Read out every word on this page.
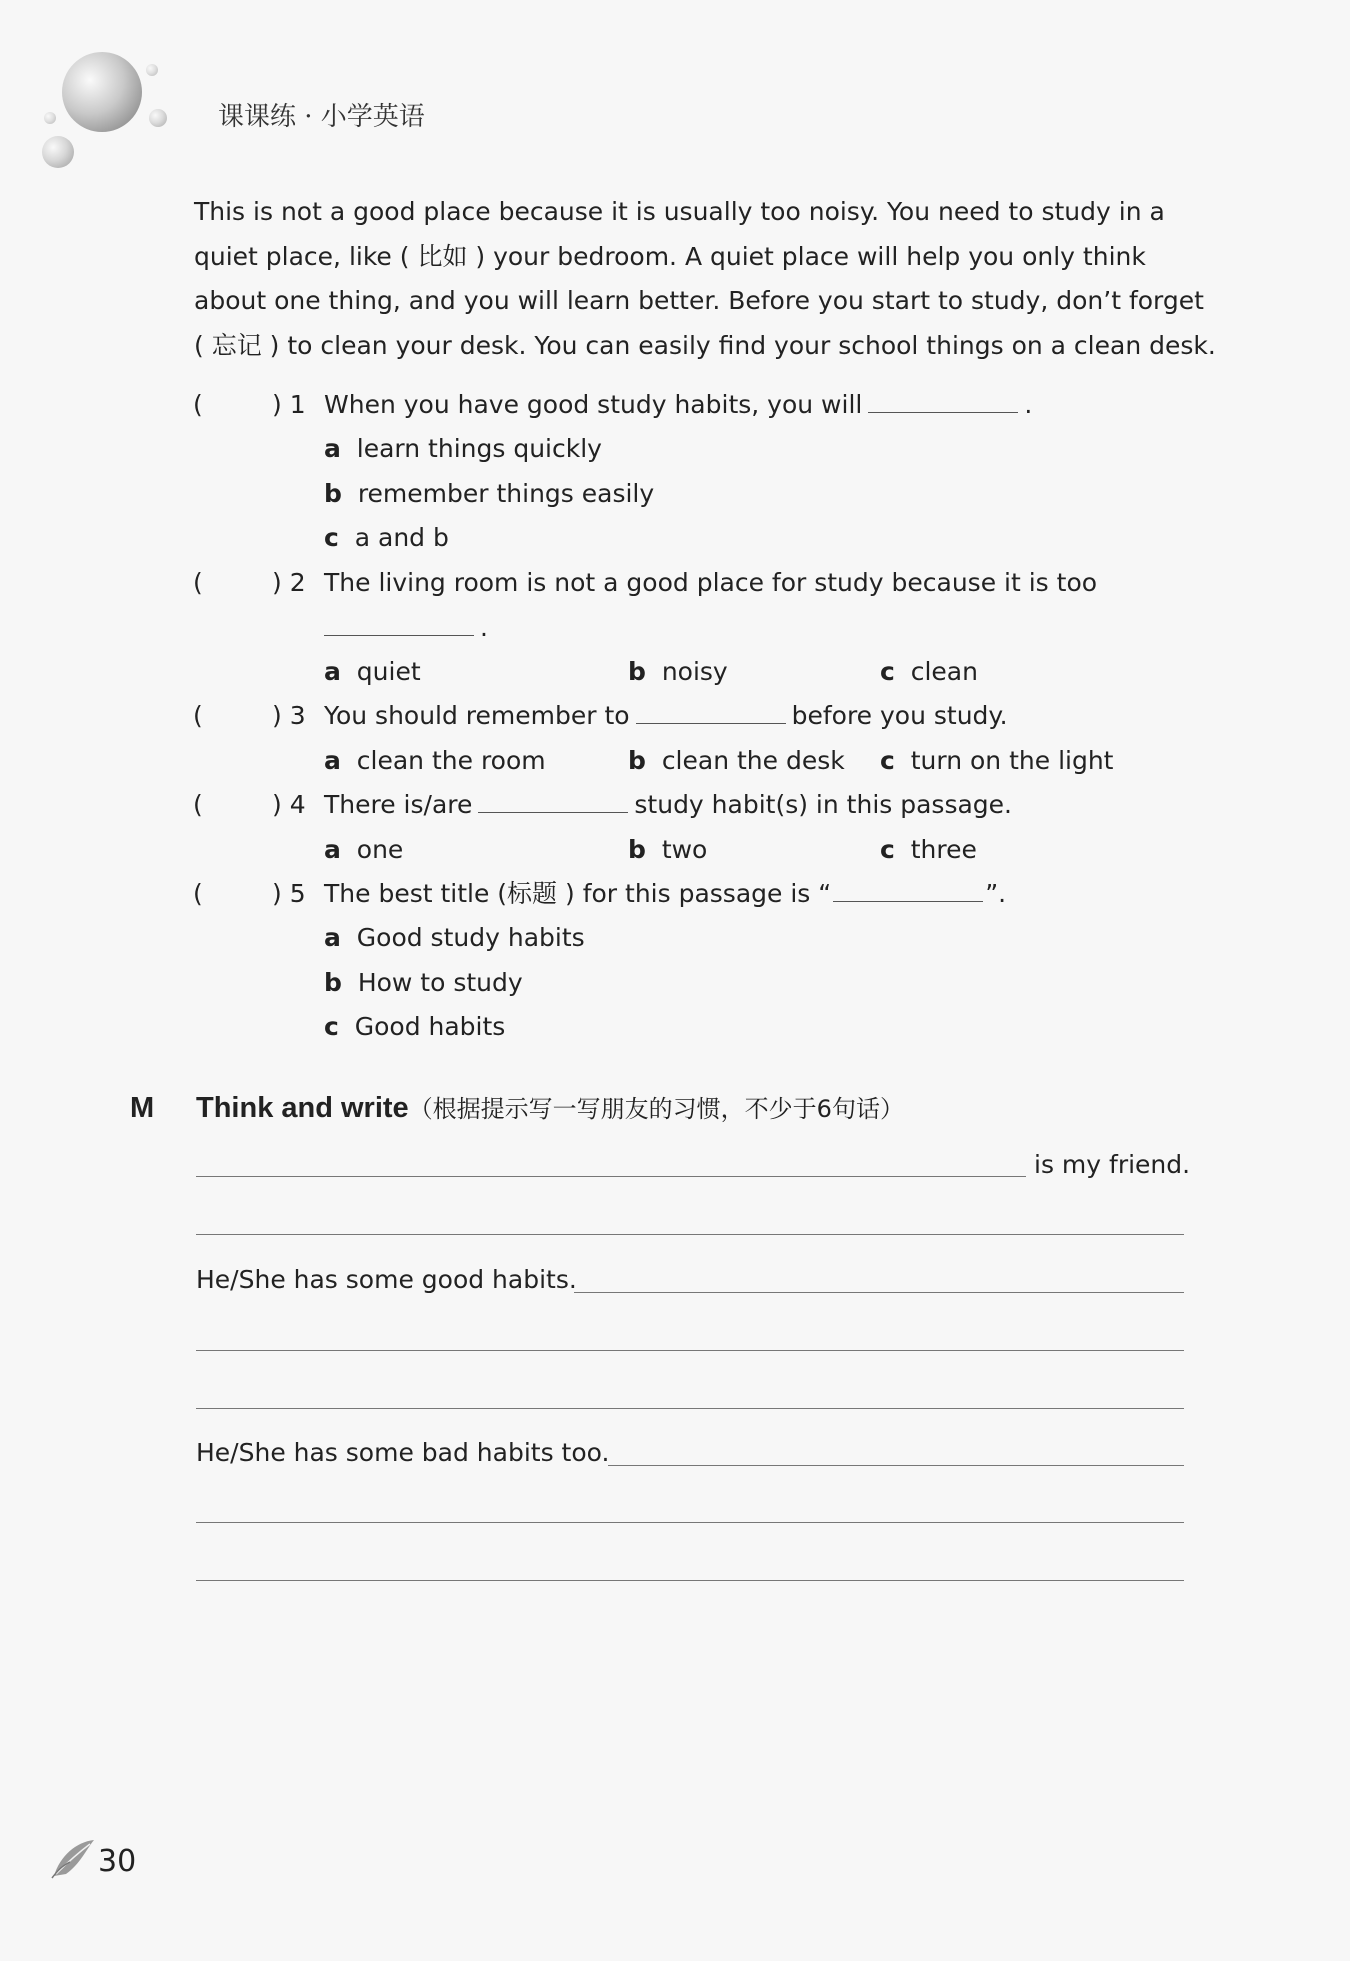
课课练 · 小学英语
This is not a good place because it is usually too noisy. You need to study in a
quiet place, like ( 比如 ) your bedroom. A quiet place will help you only think
about one thing, and you will learn better. Before you start to study, don’t forget
( 忘记 ) to clean your desk. You can easily find your school things on a clean desk.
(	) 1 When you have good study habits, you will	.
a learn things quickly
b remember things easily
c a and b
(	) 2 The living room is not a good place for study because it is too
.
a quiet	b noisy	c clean
(	) 3 You should remember to	before you study.
a clean the room	b clean the desk c turn on the light
(	) 4 There is/are	study habit(s) in this passage.
a one	b two	c three
(	) 5 The best title (标题 ) for this passage is “	”.
a Good study habits
b How to study
c Good habits
M Think and write（根据提示写一写朋友的习惯，不少于6句话）
is my friend.
He/She has some good habits.
He/She has some bad habits too.
30
